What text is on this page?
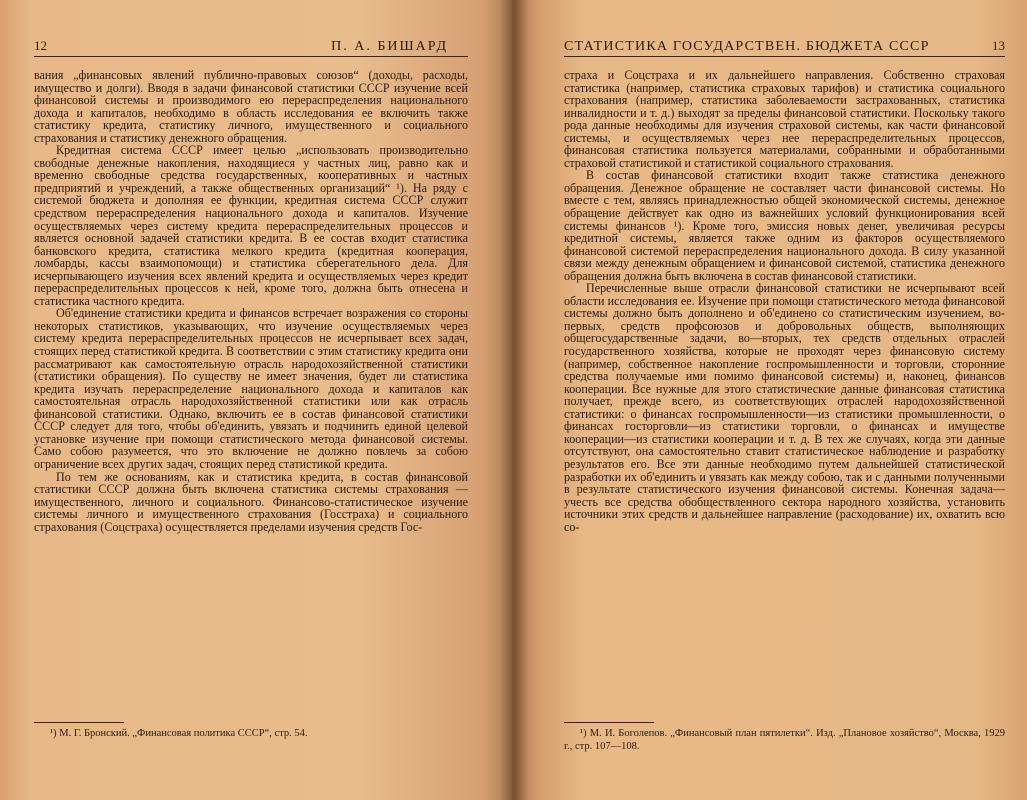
12	П. А. БИШАРД

вания „финансовых явлений публично-правовых союзов“ (доходы, расходы, имущество и долги). Вводя в задачи финансовой статистики СССР изучение всей финансовой системы и производимого ею перераспределения национального дохода и капиталов, необходимо в область исследования ее включить также статистику кредита, статистику личного, имущественного и социального страхования и статистику денежного обращения.

Кредитная система СССР имеет целью „использовать производительно свободные денежные накопления, находящиеся у частных лиц, равно как и временно свободные средства государственных, кооперативных и частных предприятий и учреждений, а также общественных организаций“ ¹). На ряду с системой бюджета и дополняя ее функции, кредитная система СССР служит средством перераспределения национального дохода и капиталов. Изучение осуществляемых через систему кредита перераспределительных процессов и является основной задачей статистики кредита. В ее состав входит статистика банковского кредита, статистика мелкого кредита (кредитная кооперация, ломбарды, кассы взаимопомощи) и статистика сберегательного дела. Для исчерпывающего изучения всех явлений кредита и осуществляемых через кредит перераспределительных процессов к ней, кроме того, должна быть отнесена и статистика частного кредита.

Об'единение статистики кредита и финансов встречает возражения со стороны некоторых статистиков, указывающих, что изучение осуществляемых через систему кредита перераспределительных процессов не исчерпывает всех задач, стоящих перед статистикой кредита. В соответствии с этим статистику кредита они рассматривают как самостоятельную отрасль народохозяйственной статистики (статистики обращения). По существу не имеет значения, будет ли статистика кредита изучать перераспределение национального дохода и капиталов как самостоятельная отрасль народохозяйственной статистики или как отрасль финансовой статистики. Однако, включить ее в состав финансовой статистики СССР следует для того, чтобы об'единить, увязать и подчинить единой целевой установке изучение при помощи статистического метода финансовой системы. Само собою разумеется, что это включение не должно повлечь за собою ограничение всех других задач, стоящих перед статистикой кредита.

По тем же основаниям, как и статистика кредита, в состав финансовой статистики СССР должна быть включена статистика системы страхования — имущественного, личного и социального. Финансово-статистическое изучение системы личного и имущественного страхования (Госстраха) и социального страхования (Соцстраха) осуществляется пределами изучения средств Гос-

¹) М. Г. Бронский. „Финансовая политика СССР“, стр. 54.

СТАТИСТИКА ГОСУДАРСТВЕН. БЮДЖЕТА СССР	13

страха и Соцстраха и их дальнейшего направления. Собственно страховая статистика (например, статистика страховых тарифов) и статистика социального страхования (например, статистика заболеваемости застрахованных, статистика инвалидности и т. д.) выходят за пределы финансовой статистики. Поскольку такого рода данные необходимы для изучения страховой системы, как части финансовой системы, и осуществляемых через нее перераспределительных процессов, финансовая статистика пользуется материалами, собранными и обработанными страховой статистикой и статистикой социального страхования.

В состав финансовой статистики входит также статистика денежного обращения. Денежное обращение не составляет части финансовой системы. Но вместе с тем, являясь принадлежностью общей экономической системы, денежное обращение действует как одно из важнейших условий функционирования всей системы финансов ¹). Кроме того, эмиссия новых денег, увеличивая ресурсы кредитной системы, является также одним из факторов осуществляемого финансовой системой перераспределения национального дохода. В силу указанной связи между денежным обращением и финансовой системой, статистика денежного обращения должна быть включена в состав финансовой статистики.

Перечисленные выше отрасли финансовой статистики не исчерпывают всей области исследования ее. Изучение при помощи статистического метода финансовой системы должно быть дополнено и об'единено со статистическим изучением, во-первых, средств профсоюзов и добровольных обществ, выполняющих общегосударственные задачи, во—вторых, тех средств отдельных отраслей государственного хозяйства, которые не проходят через финансовую систему (например, собственное накопление госпромышленности и торговли, сторонние средства получаемые ими помимо финансовой системы) и, наконец, финансов кооперации. Все нужные для этого статистические данные финансовая статистика получает, прежде всего, из соответствующих отраслей народохозяйственной статистики: о финансах госпромышленности—из статистики промышленности, о финансах госторговли—из статистики торговли, о финансах и имуществе кооперации—из статистики кооперации и т. д. В тех же случаях, когда эти данные отсутствуют, она самостоятельно ставит статистическое наблюдение и разработку результатов его. Все эти данные необходимо путем дальнейшей статистической разработки их об'единить и увязать как между собою, так и с данными полученными в результате статистического изучения финансовой системы. Конечная задача—учесть все средства обобществленного сектора народного хозяйства, установить источники этих средств и дальнейшее направление (расходование) их, охватить всю со-

¹) М. И. Боголепов. „Финансовый план пятилетки“. Изд. „Плановое хозяйство“, Москва, 1929 г., стр. 107—108.
